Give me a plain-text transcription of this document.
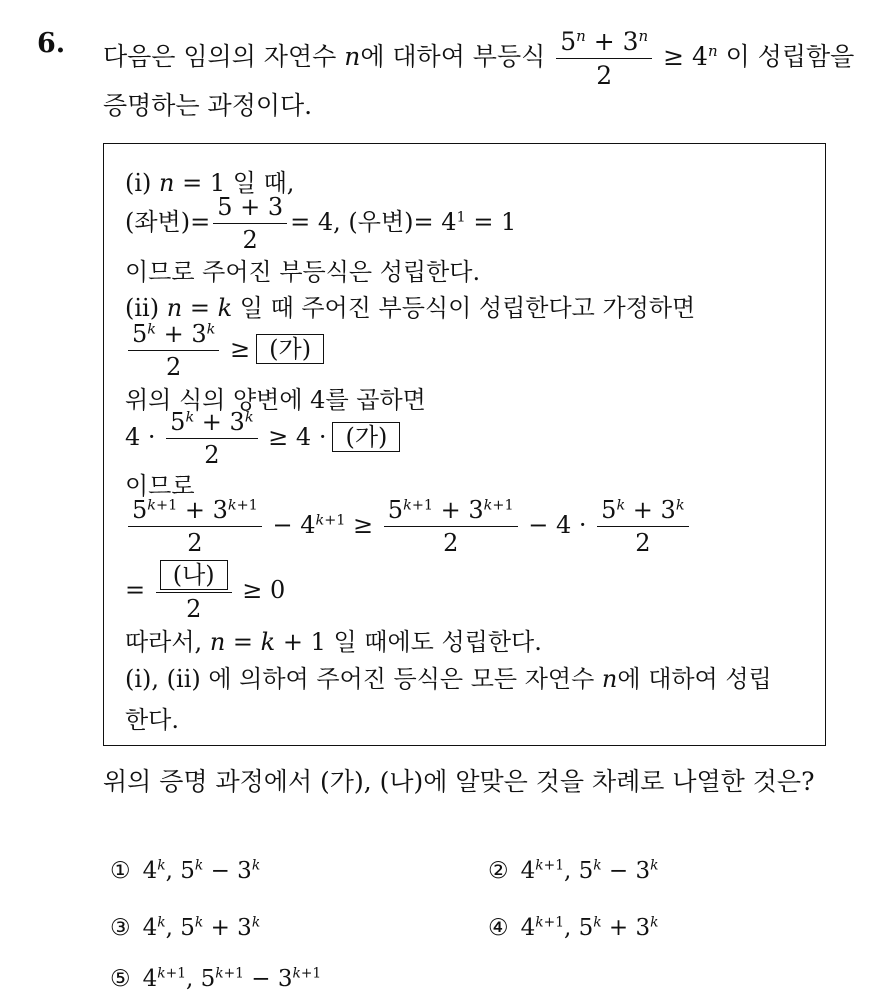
6. 다음은 임의의 자연수 n에 대하여 부등식 $\frac{5^n + 3^n}{2} \ge 4^n$ 이 성립함을
증명하는 과정이다.
(i) n = 1 일 때,
(좌변)= $\frac{5 + 3}{2} = 4$, (우변)= $4^1 = 1$
이므로 주어진 부등식은 성립한다.
(ii) n = k 일 때 주어진 부등식이 성립한다고 가정하면
$\frac{5^k + 3^k}{2}$ ≥ (가)
위의 식의 양변에 4를 곱하면
$4 \cdot \frac{5^k + 3^k}{2} \ge 4$ · (가)
이므로
$\frac{5^{k+1} + 3^{k+1}}{2} - 4^{k+1} \ge \frac{5^{k+1} + 3^{k+1}}{2} - 4 \cdot \frac{5^k + 3^k}{2}$
= $\frac{\text{(나)}}{2} \ge 0$
따라서, n = k + 1 일 때에도 성립한다.
(i), (ii) 에 의하여 주어진 등식은 모든 자연수 n에 대하여 성립
한다.
위의 증명 과정에서 (가), (나)에 알맞은 것을 차례로 나열한 것은?
① 4$^k$, $5^k - 3^k$	② $4^{k+1}$, $5^k - 3^k$
③ 4$^k$, $5^k + 3^k$	④ $4^{k+1}$, $5^k + 3^k$
⑤ $4^{k+1}$, $5^{k+1} - 3^{k+1}$
